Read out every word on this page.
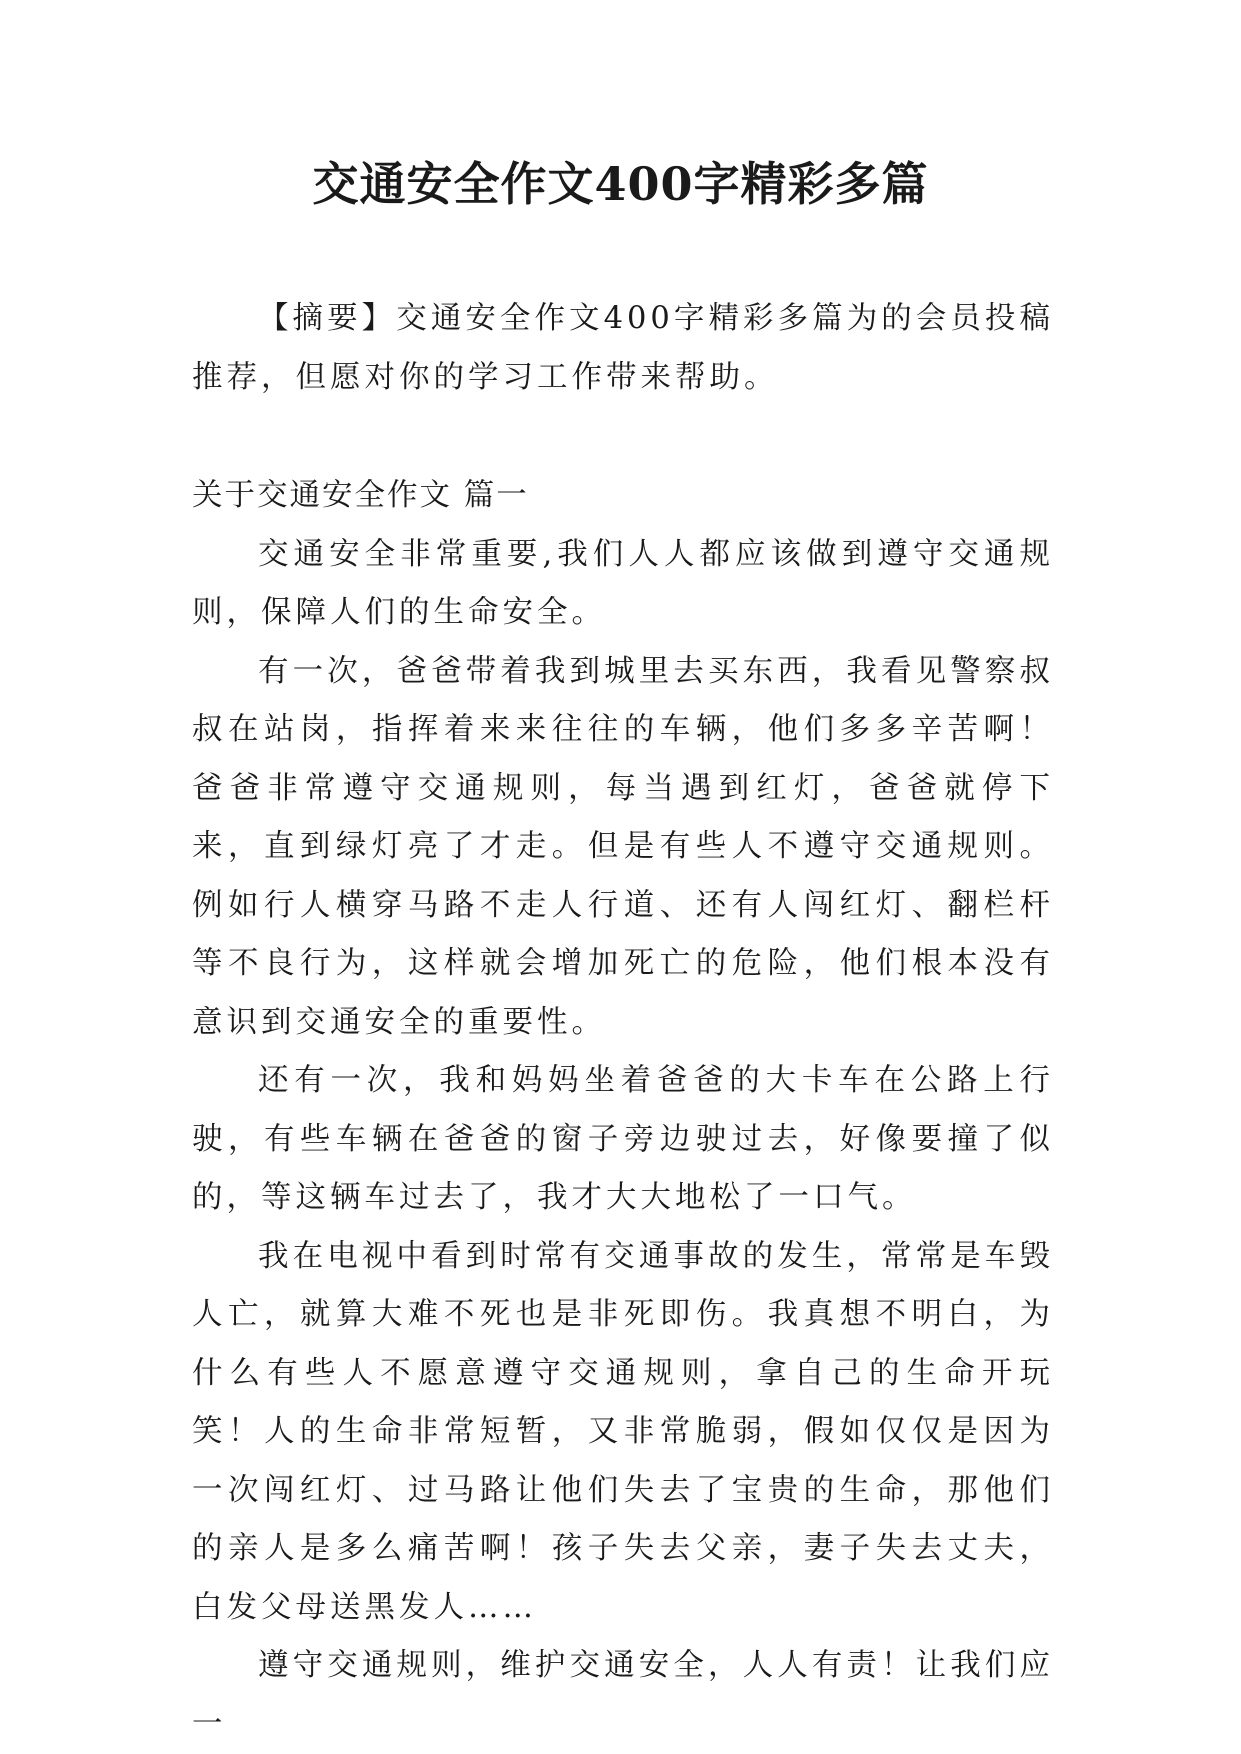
交通安全作文400字精彩多篇

【摘要】交通安全作文400字精彩多篇为的会员投稿推荐，但愿对你的学习工作带来帮助。

关于交通安全作文 篇一

交通安全非常重要,我们人人都应该做到遵守交通规则，保障人们的生命安全。

有一次，爸爸带着我到城里去买东西，我看见警察叔叔在站岗，指挥着来来往往的车辆，他们多多辛苦啊！爸爸非常遵守交通规则，每当遇到红灯，爸爸就停下来，直到绿灯亮了才走。但是有些人不遵守交通规则。例如行人横穿马路不走人行道、还有人闯红灯、翻栏杆等不良行为，这样就会增加死亡的危险，他们根本没有意识到交通安全的重要性。

还有一次，我和妈妈坐着爸爸的大卡车在公路上行驶，有些车辆在爸爸的窗子旁边驶过去，好像要撞了似的，等这辆车过去了，我才大大地松了一口气。

我在电视中看到时常有交通事故的发生，常常是车毁人亡，就算大难不死也是非死即伤。我真想不明白，为什么有些人不愿意遵守交通规则，拿自己的生命开玩笑！人的生命非常短暂，又非常脆弱，假如仅仅是因为一次闯红灯、过马路让他们失去了宝贵的生命，那他们的亲人是多么痛苦啊！孩子失去父亲，妻子失去丈夫，白发父母送黑发人……

遵守交通规则，维护交通安全，人人有责！让我们应一
